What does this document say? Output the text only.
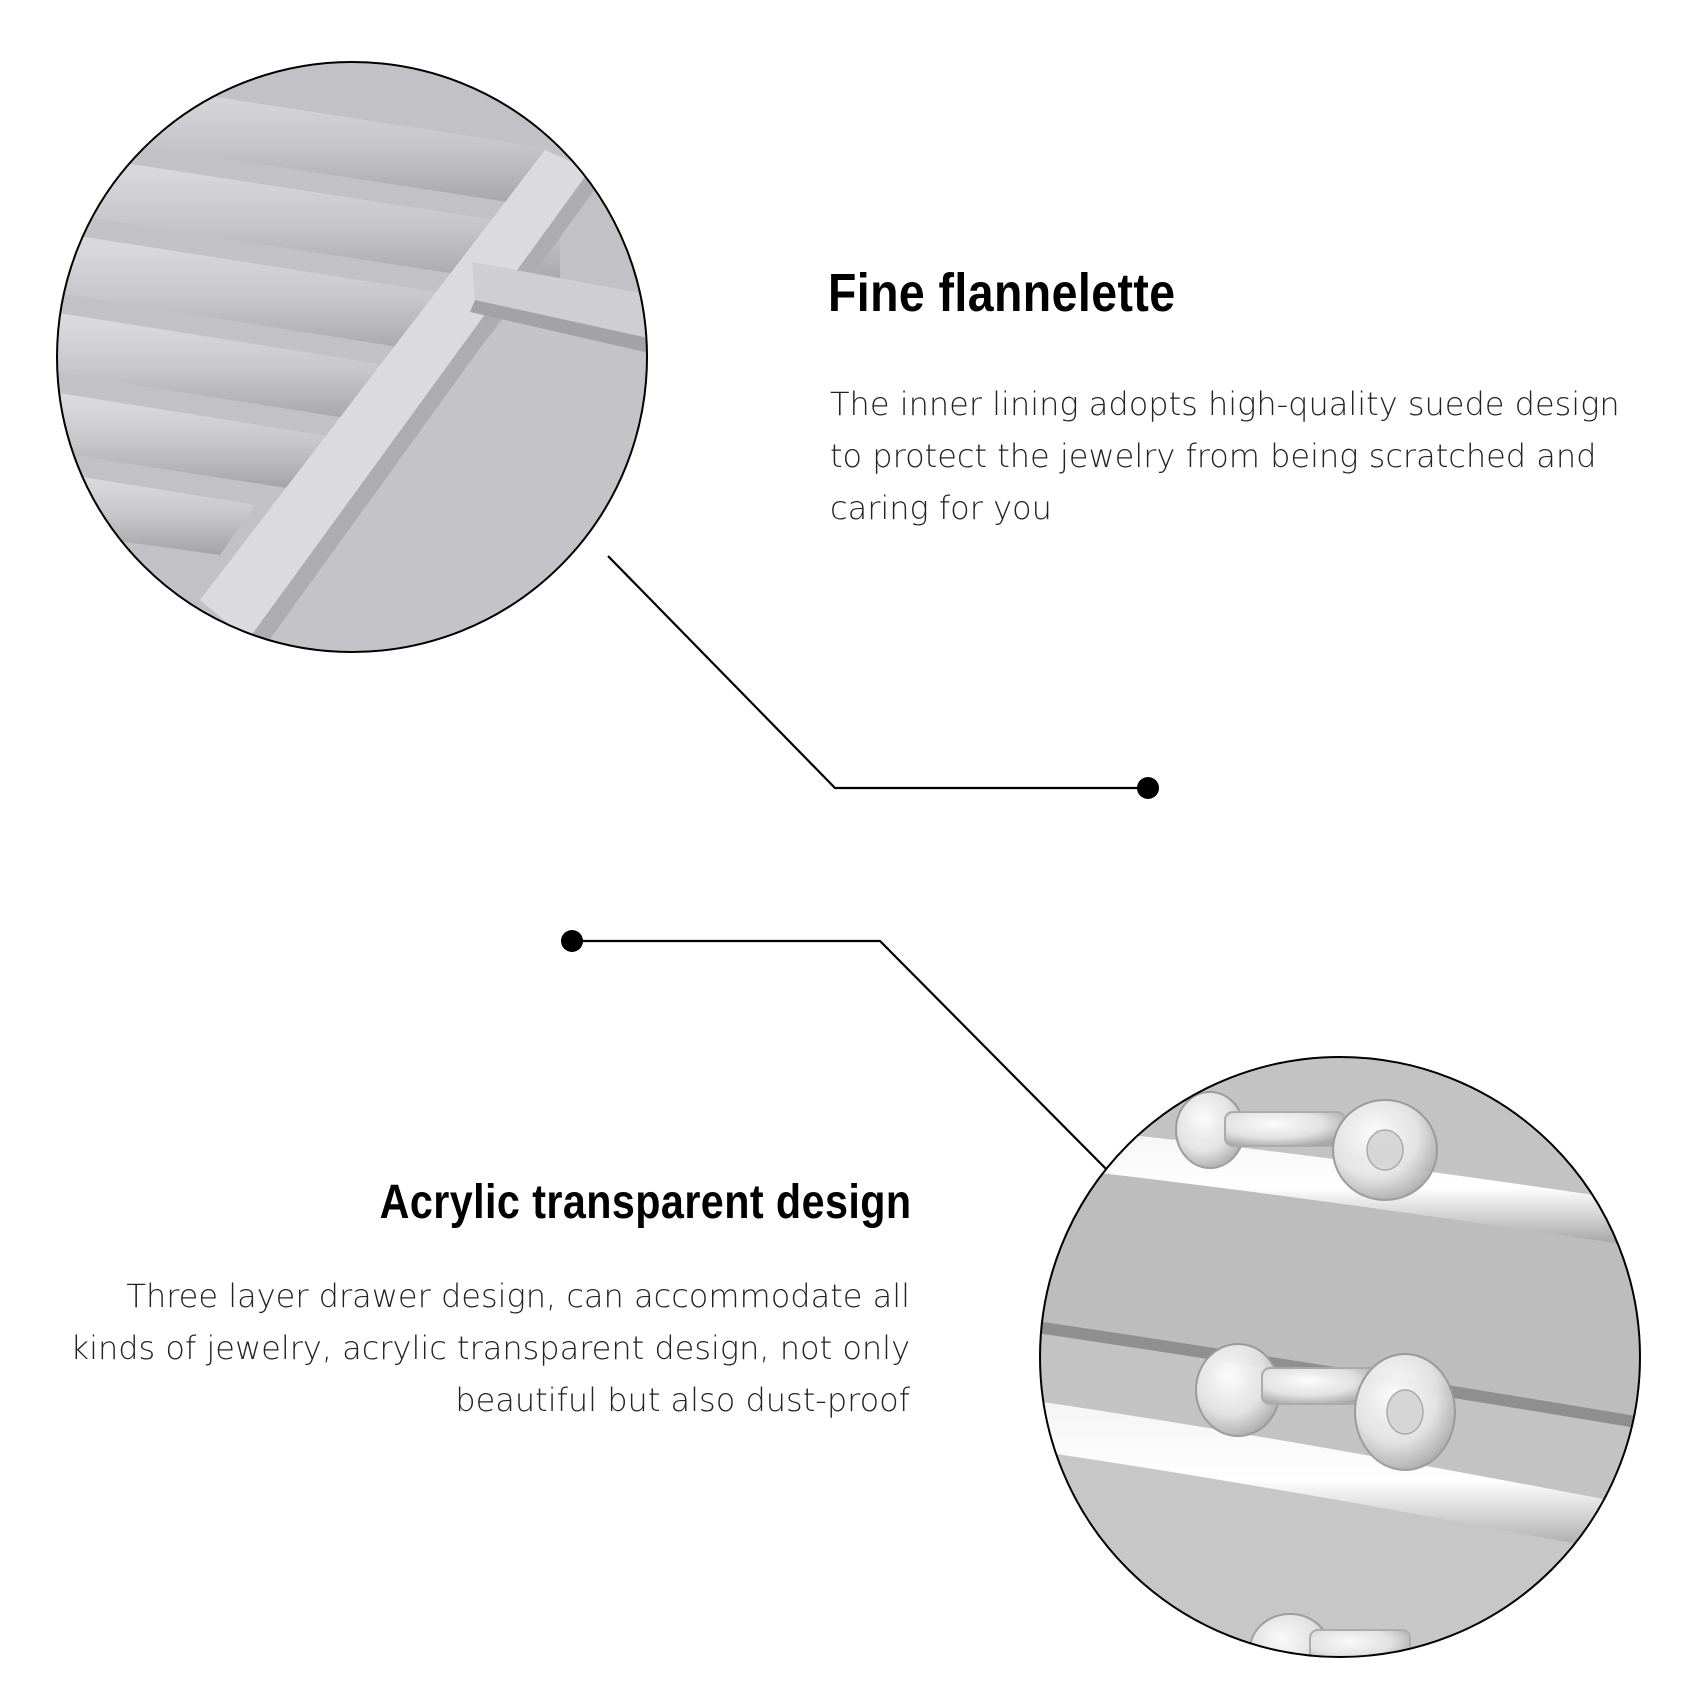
Fine flannelette

The inner lining adopts high-quality suede design
to protect the jewelry from being scratched and
caring for you

Acrylic transparent design

Three layer drawer design, can accommodate all
kinds of jewelry, acrylic transparent design, not only
beautiful but also dust-proof
